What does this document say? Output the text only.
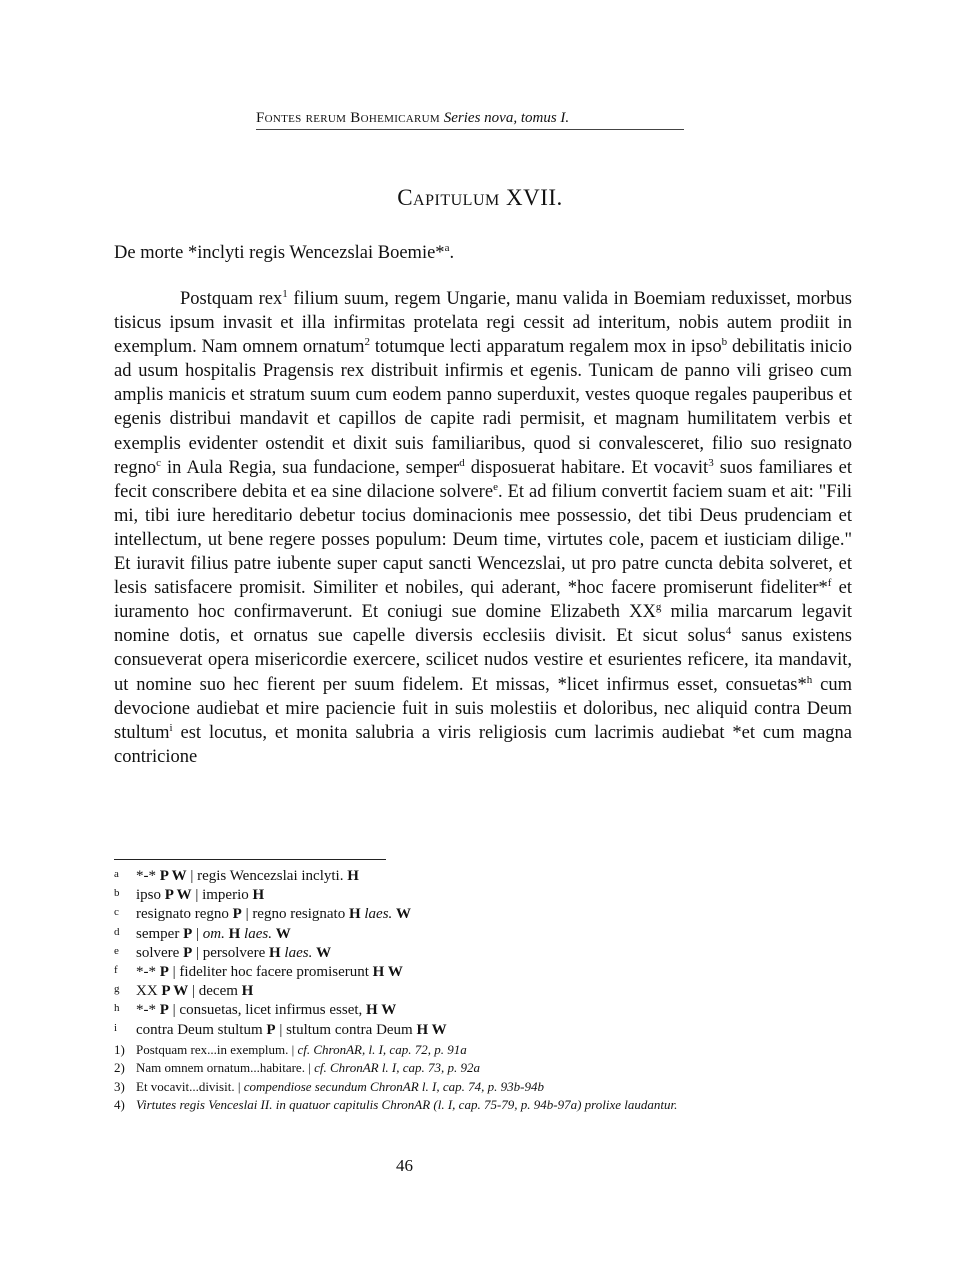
Fontes rerum Bohemicarum Series nova, tomus I.
Capitulum XVII.
De morte *inclyti regis Wencezslai Boemie*$^a$.

Postquam rex$^1$ filium suum, regem Ungarie, manu valida in Boemiam reduxisset, morbus tisicus ipsum invasit et illa infirmitas protelata regi cessit ad interitum, nobis autem prodiit in exemplum. Nam omnem ornatum$^2$ totumque lecti apparatum regalem mox in ipso$^b$ debilitatis inicio ad usum hospitalis Pragensis rex distribuit infirmis et egenis. Tunicam de panno vili griseo cum amplis manicis et stratum suum cum eodem panno superduxit, vestes quoque regales pauperibus et egenis distribui mandavit et capillos de capite radi permisit, et magnam humilitatem verbis et exemplis evidenter ostendit et dixit suis familiaribus, quod si convalesceret, filio suo resignato regno$^c$ in Aula Regia, sua fundacione, semper$^d$ disposuerat habitare. Et vocavit$^3$ suos familiares et fecit conscribere debita et ea sine dilacione solvere$^e$. Et ad filium convertit faciem suam et ait: "Fili mi, tibi iure hereditario debetur tocius dominacionis mee possessio, det tibi Deus prudenciam et intellectum, ut bene regere posses populum: Deum time, virtutes cole, pacem et iusticiam dilige." Et iuravit filius patre iubente super caput sancti Wencezslai, ut pro patre cuncta debita solveret, et lesis satisfacere promisit. Similiter et nobiles, qui aderant, *hoc facere promiserunt fideliter*$^f$ et iuramento hoc confirmaverunt. Et coniugi sue domine Elizabeth $XX^g$ milia marcarum legavit nomine dotis, et ornatus sue capelle diversis ecclesiis divisit. Et sicut solus$^4$ sanus existens consueverat opera misericordie exercere, scilicet nudos vestire et esurientes reficere, ita mandavit, ut nomine suo hec fierent per suum fidelem. Et missas, *licet infirmus esset, consuetas*$^h$ cum devocione audiebat et mire paciencie fuit in suis molestiis et doloribus, nec aliquid contra Deum stultum$^i$ est locutus, et monita salubria a viris religiosis cum lacrimis audiebat *et cum magna contricione

a *-* P W | regis Wencezslai inclyti. H
b ipso P W | imperio H
c resignato regno P | regno resignato H laes. W
d semper P | om. H laes. W
e solvere P | persolvere H laes. W
f *-* P | fideliter hoc facere promiserunt H W
g XX P W | decem H
h *-* P | consuetas, licet infirmus esset, H W
i contra Deum stultum P | stultum contra Deum H W
1) Postquam rex...in exemplum. | cf. ChronAR, l. I, cap. 72, p. 91a
2) Nam omnem ornatum...habitare. | cf. ChronAR l. I, cap. 73, p. 92a
3) Et vocavit...divisit. | compendiose secundum ChronAR l. I, cap. 74, p. 93b-94b
4) Virtutes regis Venceslai II. in quatuor capitulis ChronAR (l. I, cap. 75-79, p. 94b-97a) prolixe laudantur.
46
